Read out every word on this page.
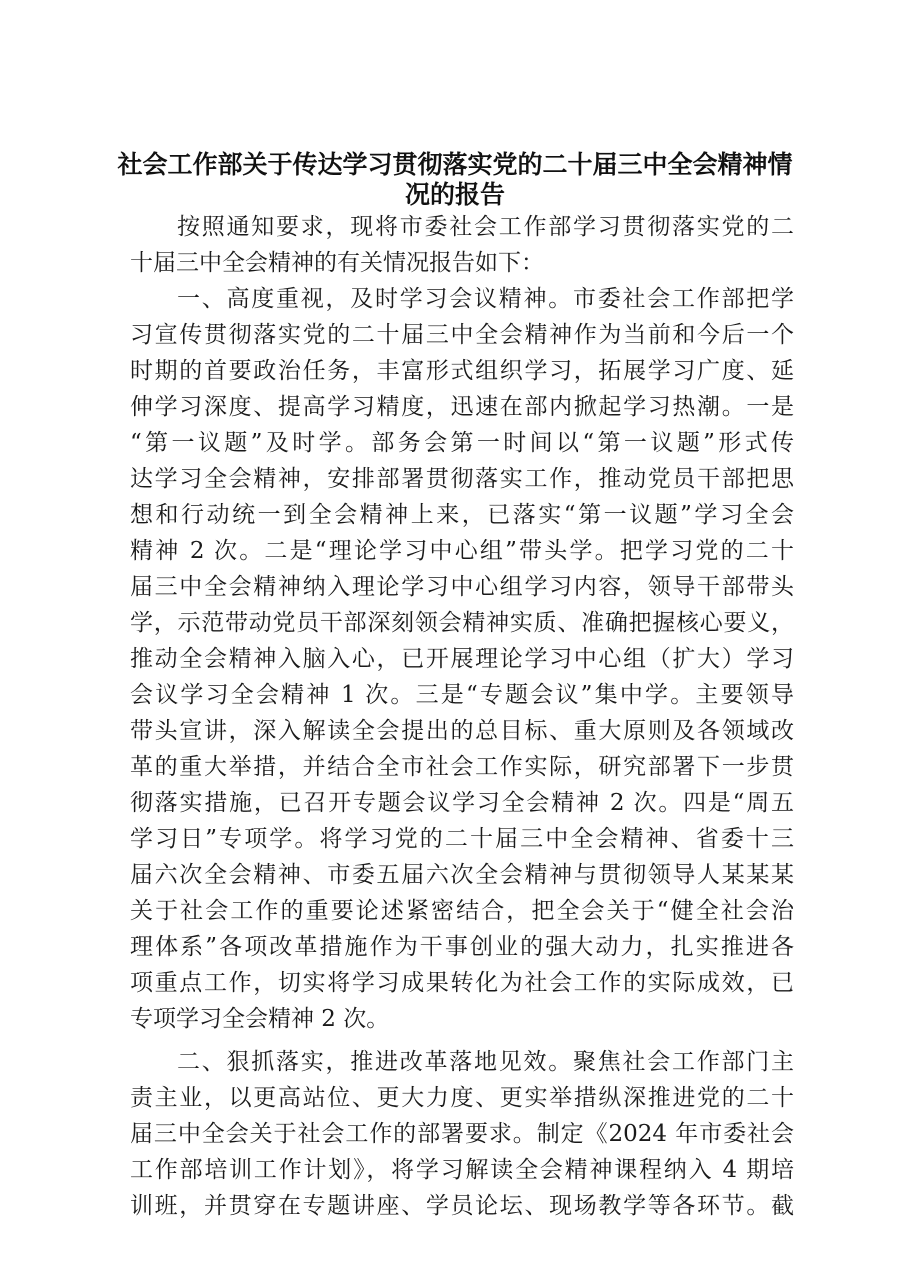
社会工作部关于传达学习贯彻落实党的二十届三中全会精神情
况的报告

按照通知要求，现将市委社会工作部学习贯彻落实党的二

十届三中全会精神的有关情况报告如下：

一、高度重视，及时学习会议精神。市委社会工作部把学

习宣传贯彻落实党的二十届三中全会精神作为当前和今后一个

时期的首要政治任务，丰富形式组织学习，拓展学习广度、延

伸学习深度、提高学习精度，迅速在部内掀起学习热潮。一是

“第一议题”及时学。部务会第一时间以“第一议题”形式传

达学习全会精神，安排部署贯彻落实工作，推动党员干部把思

想和行动统一到全会精神上来，已落实“第一议题”学习全会

精神 2 次。二是“理论学习中心组”带头学。把学习党的二十

届三中全会精神纳入理论学习中心组学习内容，领导干部带头

学，示范带动党员干部深刻领会精神实质、准确把握核心要义，

推动全会精神入脑入心，已开展理论学习中心组（扩大）学习

会议学习全会精神 1 次。三是“专题会议”集中学。主要领导

带头宣讲，深入解读全会提出的总目标、重大原则及各领域改

革的重大举措，并结合全市社会工作实际，研究部署下一步贯

彻落实措施，已召开专题会议学习全会精神 2 次。四是“周五

学习日”专项学。将学习党的二十届三中全会精神、省委十三

届六次全会精神、市委五届六次全会精神与贯彻领导人某某某

关于社会工作的重要论述紧密结合，把全会关于“健全社会治

理体系”各项改革措施作为干事创业的强大动力，扎实推进各

项重点工作，切实将学习成果转化为社会工作的实际成效，已

专项学习全会精神 2 次。

二、狠抓落实，推进改革落地见效。聚焦社会工作部门主

责主业，以更高站位、更大力度、更实举措纵深推进党的二十

届三中全会关于社会工作的部署要求。制定《2024 年市委社会

工作部培训工作计划》，将学习解读全会精神课程纳入 4 期培

训班，并贯穿在专题讲座、学员论坛、现场教学等各环节。截
